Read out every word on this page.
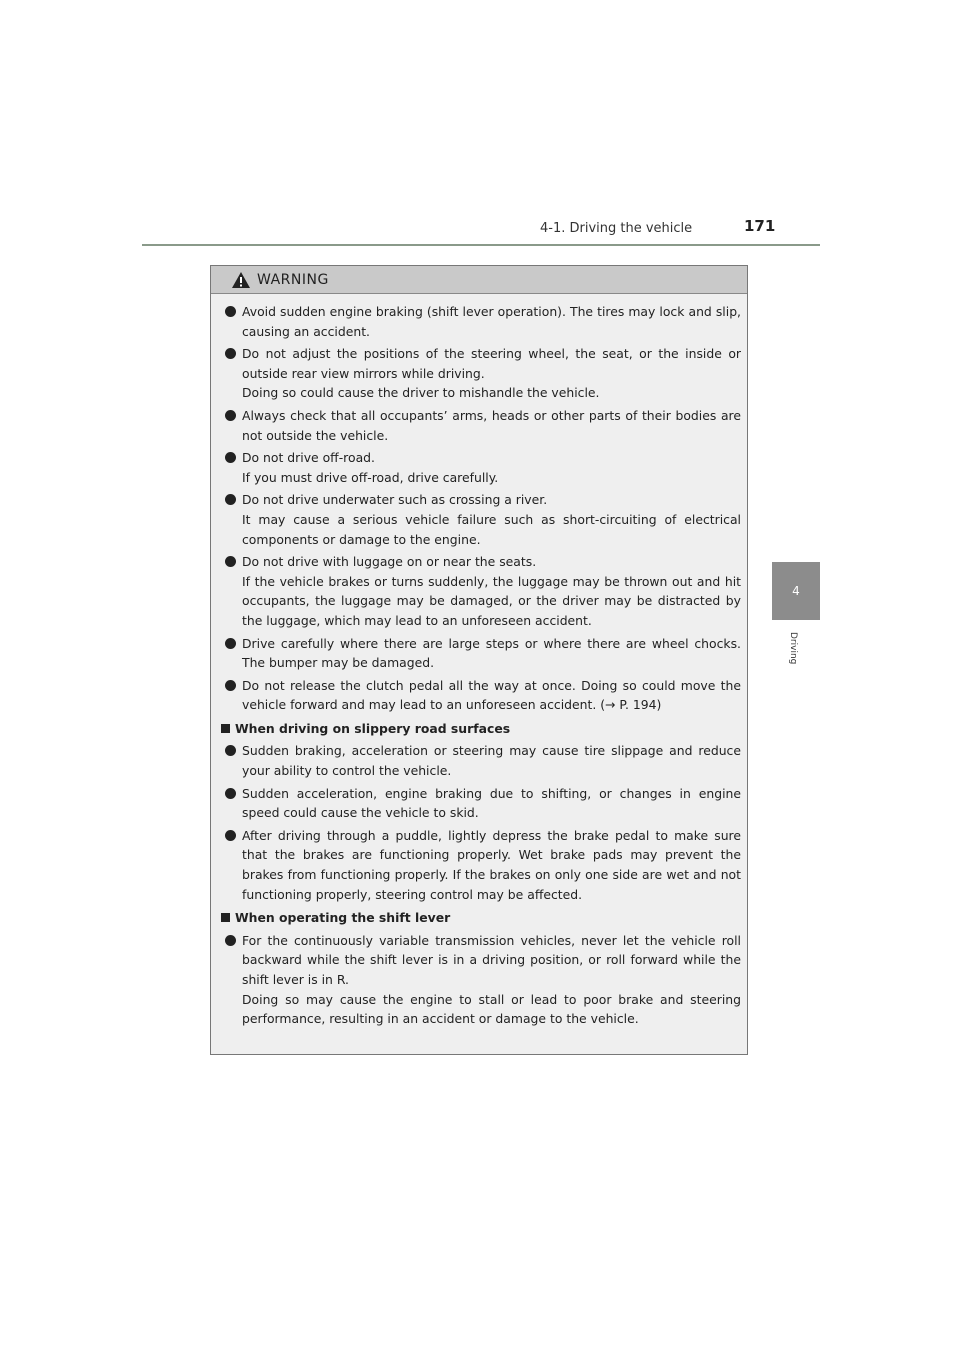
4-1. Driving the vehicle	171
4
Driving
WARNING

Avoid sudden engine braking (shift lever operation). The tires may lock and slip, causing an accident.

Do not adjust the positions of the steering wheel, the seat, or the inside or outside rear view mirrors while driving.

Doing so could cause the driver to mishandle the vehicle.

Always check that all occupants’ arms, heads or other parts of their bodies are not outside the vehicle.

Do not drive off-road.

If you must drive off-road, drive carefully.

Do not drive underwater such as crossing a river.

It may cause a serious vehicle failure such as short-circuiting of electrical components or damage to the engine.

Do not drive with luggage on or near the seats.

If the vehicle brakes or turns suddenly, the luggage may be thrown out and hit occupants, the luggage may be damaged, or the driver may be distracted by the luggage, which may lead to an unforeseen accident.

Drive carefully where there are large steps or where there are wheel chocks. The bumper may be damaged.

Do not release the clutch pedal all the way at once. Doing so could move the vehicle forward and may lead to an unforeseen accident. (→ P. 194)

When driving on slippery road surfaces

Sudden braking, acceleration or steering may cause tire slippage and reduce your ability to control the vehicle.

Sudden acceleration, engine braking due to shifting, or changes in engine speed could cause the vehicle to skid.

After driving through a puddle, lightly depress the brake pedal to make sure that the brakes are functioning properly. Wet brake pads may prevent the brakes from functioning properly. If the brakes on only one side are wet and not functioning properly, steering control may be affected.

When operating the shift lever

For the continuously variable transmission vehicles, never let the vehicle roll backward while the shift lever is in a driving position, or roll forward while the shift lever is in R.

Doing so may cause the engine to stall or lead to poor brake and steering performance, resulting in an accident or damage to the vehicle.
